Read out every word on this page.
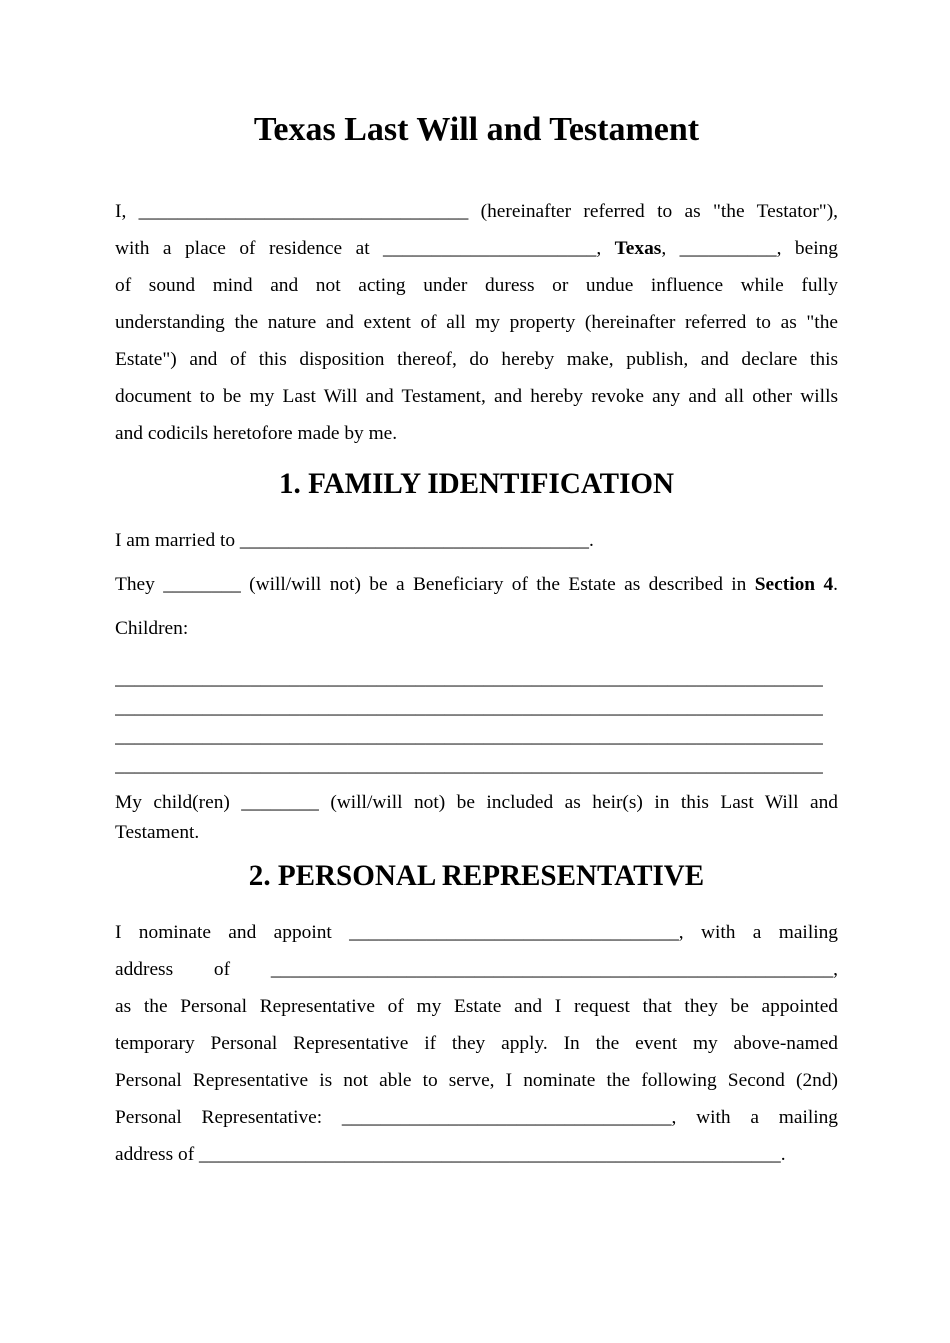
Texas Last Will and Testament
I, __________________________________ (hereinafter referred to as "the Testator"),
with a place of residence at ______________________, Texas, __________, being
of sound mind and not acting under duress or undue influence while fully
understanding the nature and extent of all my property (hereinafter referred to as "the
Estate") and of this disposition thereof, do hereby make, publish, and declare this
document to be my Last Will and Testament, and hereby revoke any and all other wills
and codicils heretofore made by me.
1. FAMILY IDENTIFICATION
I am married to ____________________________________.
They ________ (will/will not) be a Beneficiary of the Estate as described in Section 4.
Children:
_________________________________________________________________________
_________________________________________________________________________
_________________________________________________________________________
_________________________________________________________________________
My child(ren) ________ (will/will not) be included as heir(s) in this Last Will and
Testament.
2. PERSONAL REPRESENTATIVE
I nominate and appoint __________________________________, with a mailing
address of __________________________________________________________,
as the Personal Representative of my Estate and I request that they be appointed
temporary Personal Representative if they apply. In the event my above-named
Personal Representative is not able to serve, I nominate the following Second (2nd)
Personal Representative: __________________________________, with a mailing
address of ____________________________________________________________.
